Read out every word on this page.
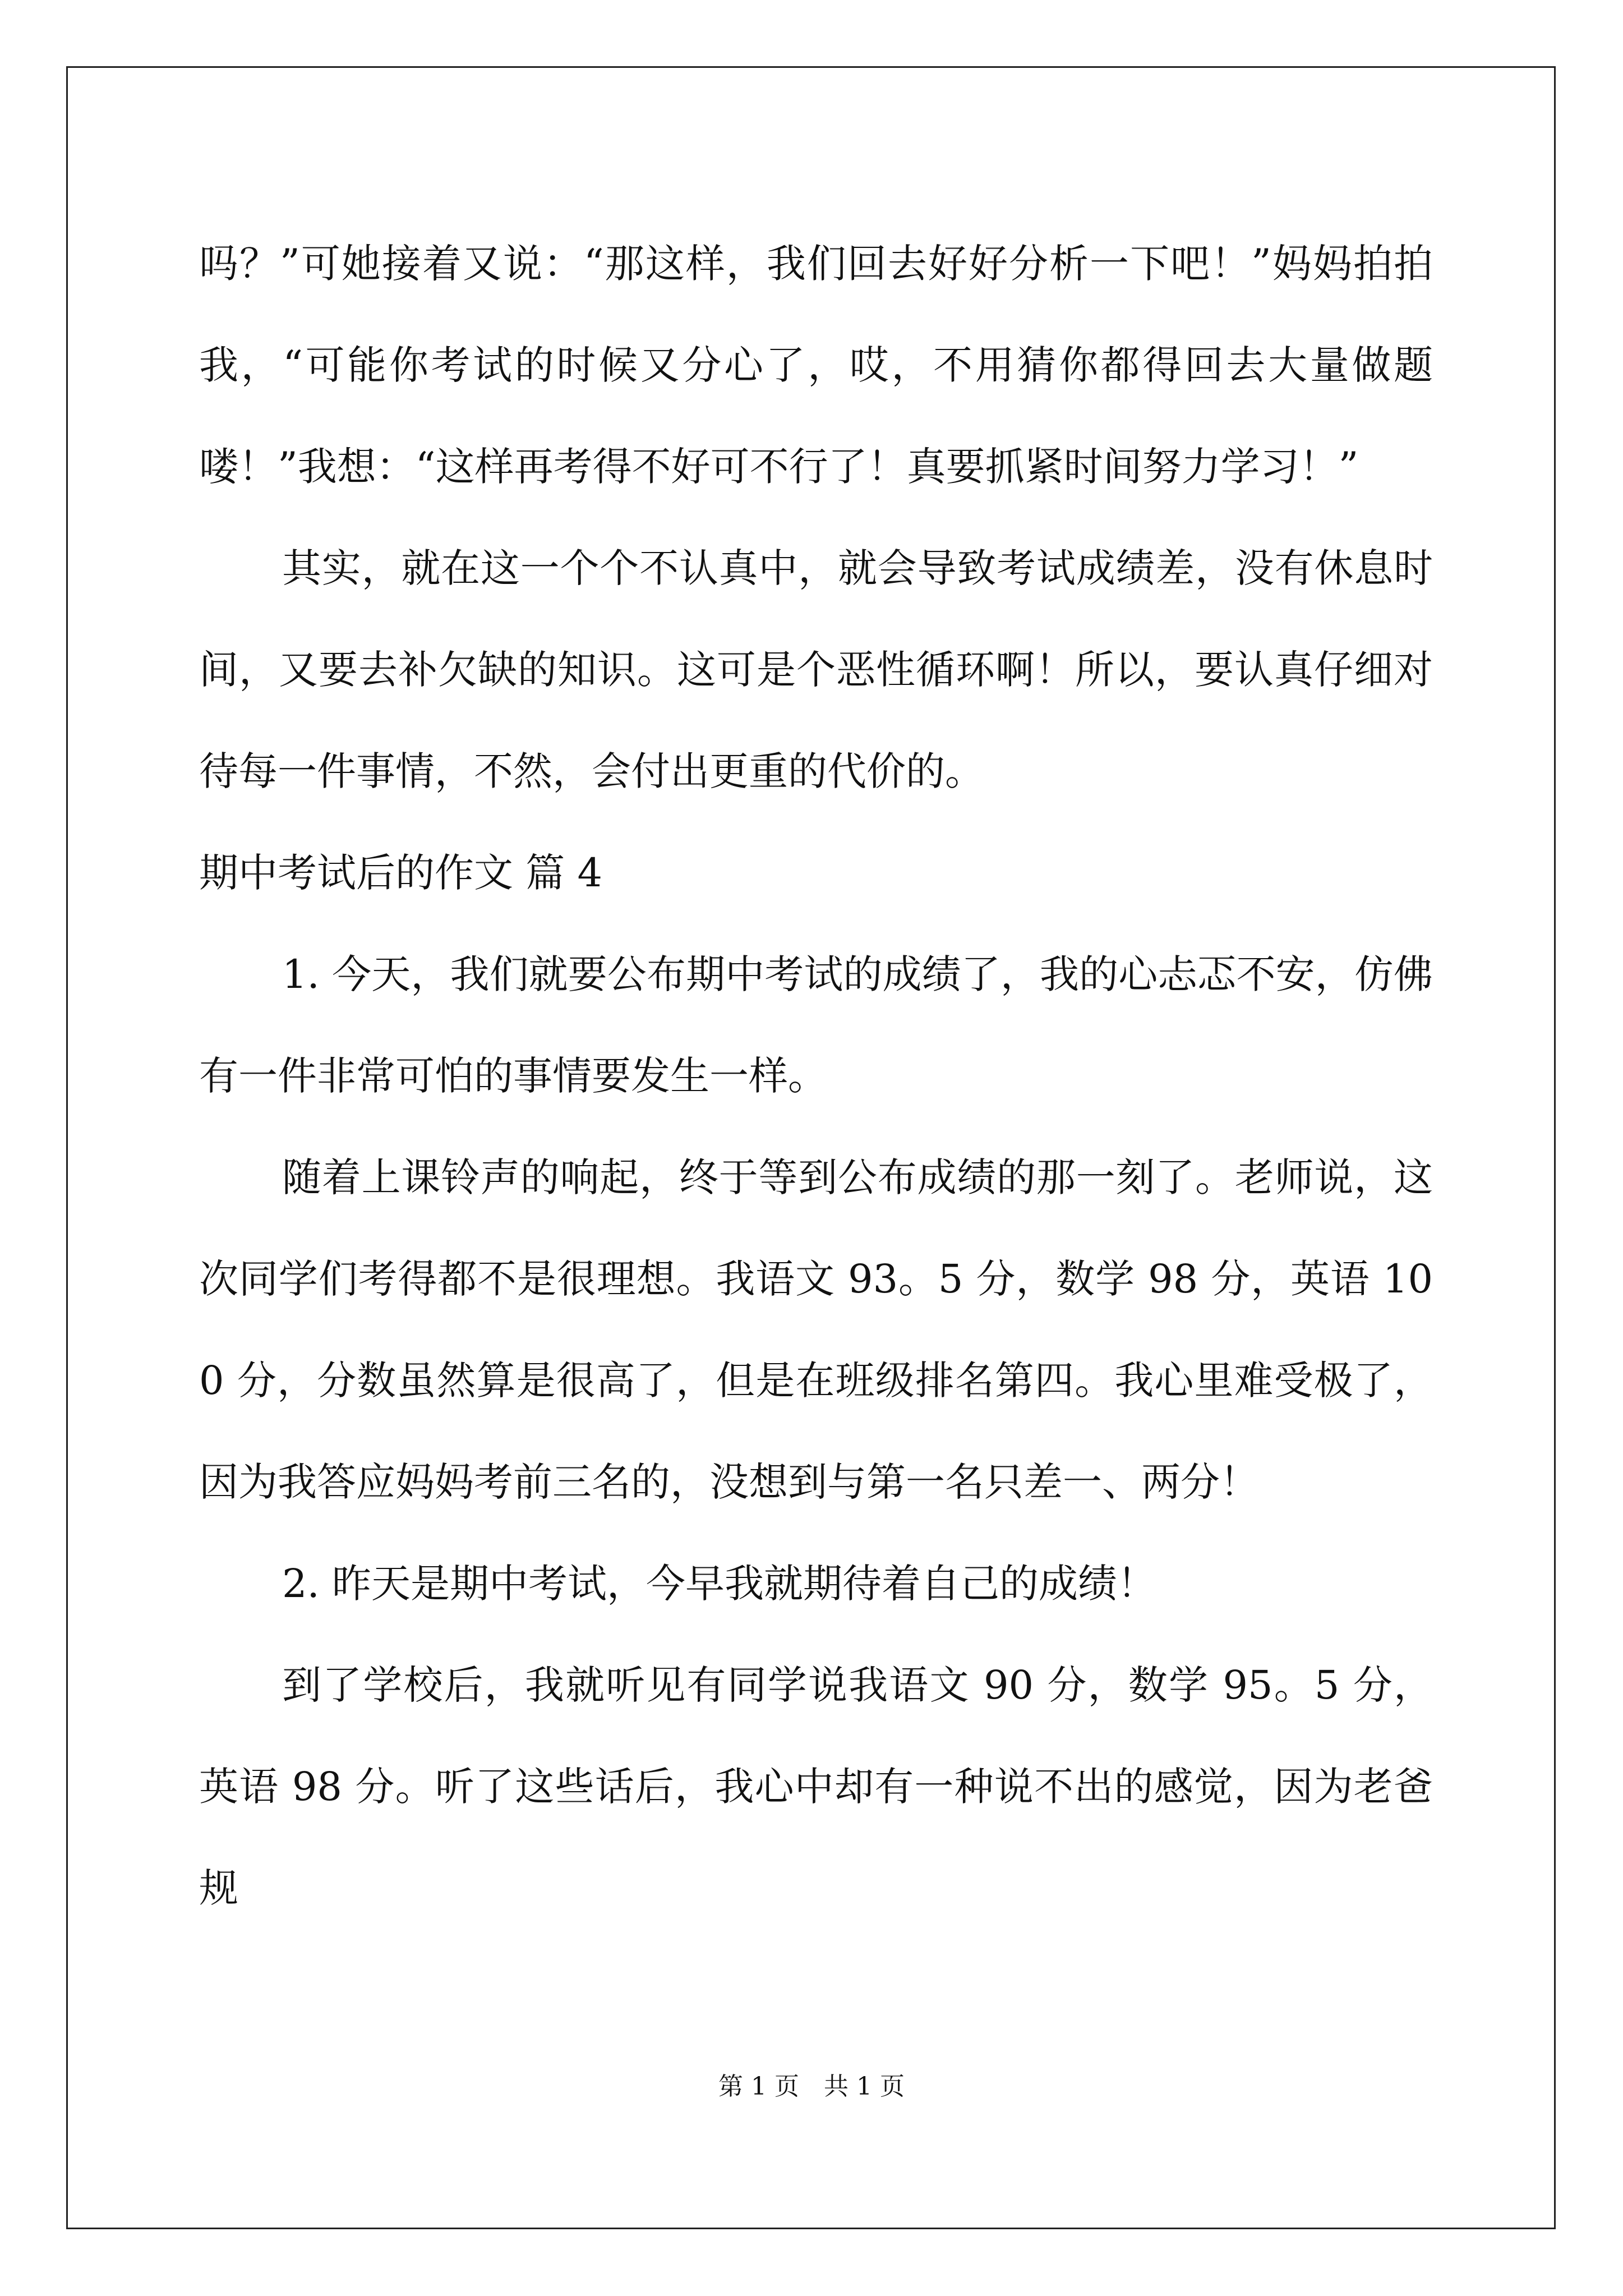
吗？”可她接着又说：“那这样，我们回去好好分析一下吧！”妈妈拍拍我，“可能你考试的时候又分心了，哎，不用猜你都得回去大量做题喽！”我想：“这样再考得不好可不行了！真要抓紧时间努力学习！”

其实，就在这一个个不认真中，就会导致考试成绩差，没有休息时间，又要去补欠缺的知识。这可是个恶性循环啊！所以，要认真仔细对待每一件事情，不然，会付出更重的代价的。

期中考试后的作文 篇 4

1. 今天，我们就要公布期中考试的成绩了，我的心忐忑不安，仿佛有一件非常可怕的事情要发生一样。

随着上课铃声的响起，终于等到公布成绩的那一刻了。老师说，这次同学们考得都不是很理想。我语文 93。5 分，数学 98 分，英语 100 分，分数虽然算是很高了，但是在班级排名第四。我心里难受极了，因为我答应妈妈考前三名的，没想到与第一名只差一、两分！

2. 昨天是期中考试，今早我就期待着自己的成绩！

到了学校后，我就听见有同学说我语文 90 分，数学 95。5 分，英语 98 分。听了这些话后，我心中却有一种说不出的感觉，因为老爸规

第 1 页　共 1 页
